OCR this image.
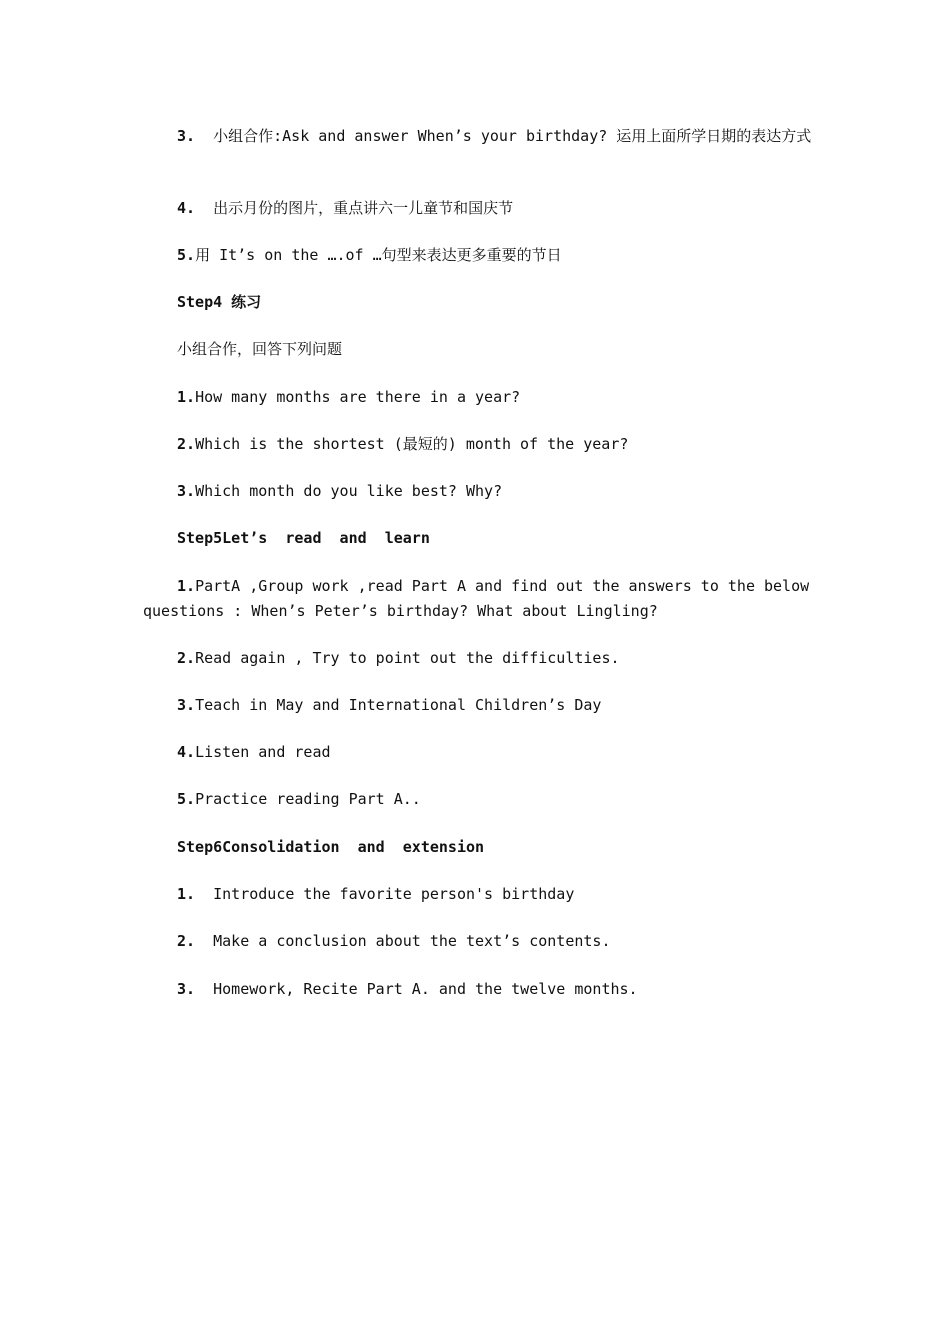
3.  小组合作:Ask and answer When’s your birthday? 运用上面所学日期的表达方式
4.  出示月份的图片，重点讲六一儿童节和国庆节
5.用 It’s on the ….of …句型来表达更多重要的节日
Step4 练习
小组合作，回答下列问题
1.How many months are there in a year?
2.Which is the shortest (最短的) month of the year?
3.Which month do you like best? Why?
Step5Let’s  read  and  learn
1.PartA ,Group work ,read Part A and find out the answers to the below questions : When’s Peter’s birthday? What about Lingling?
2.Read again , Try to point out the difficulties.
3.Teach in May and International Children’s Day
4.Listen and read
5.Practice reading Part A..
Step6Consolidation  and  extension
1.  Introduce the favorite person's birthday
2.  Make a conclusion about the text’s contents.
3.  Homework, Recite Part A. and the twelve months.
